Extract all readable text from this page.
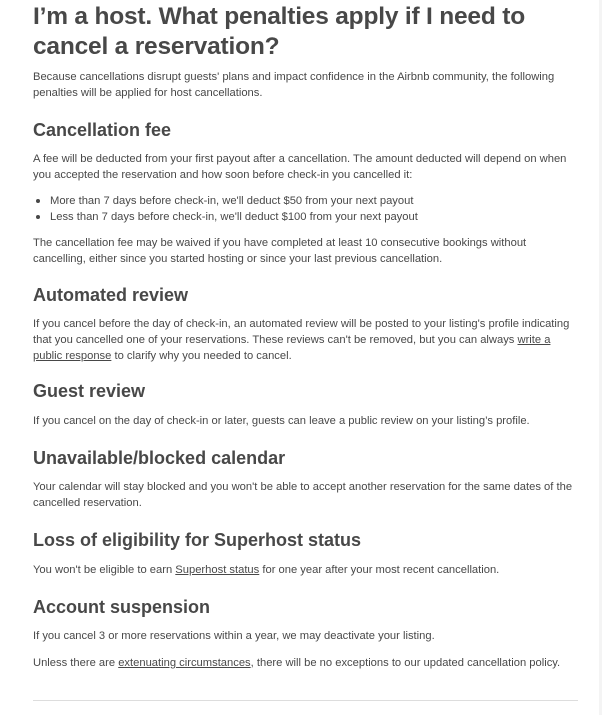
I’m a host. What penalties apply if I need to cancel a reservation?

Because cancellations disrupt guests' plans and impact confidence in the Airbnb community, the following penalties will be applied for host cancellations.

Cancellation fee

A fee will be deducted from your first payout after a cancellation. The amount deducted will depend on when you accepted the reservation and how soon before check-in you cancelled it:

More than 7 days before check-in, we'll deduct $50 from your next payout
Less than 7 days before check-in, we'll deduct $100 from your next payout

The cancellation fee may be waived if you have completed at least 10 consecutive bookings without cancelling, either since you started hosting or since your last previous cancellation.

Automated review

If you cancel before the day of check-in, an automated review will be posted to your listing's profile indicating that you cancelled one of your reservations. These reviews can't be removed, but you can always write a public response to clarify why you needed to cancel.

Guest review

If you cancel on the day of check-in or later, guests can leave a public review on your listing’s profile.

Unavailable/blocked calendar

Your calendar will stay blocked and you won't be able to accept another reservation for the same dates of the cancelled reservation.

Loss of eligibility for Superhost status

You won't be eligible to earn Superhost status for one year after your most recent cancellation.

Account suspension

If you cancel 3 or more reservations within a year, we may deactivate your listing.

Unless there are extenuating circumstances, there will be no exceptions to our updated cancellation policy.
